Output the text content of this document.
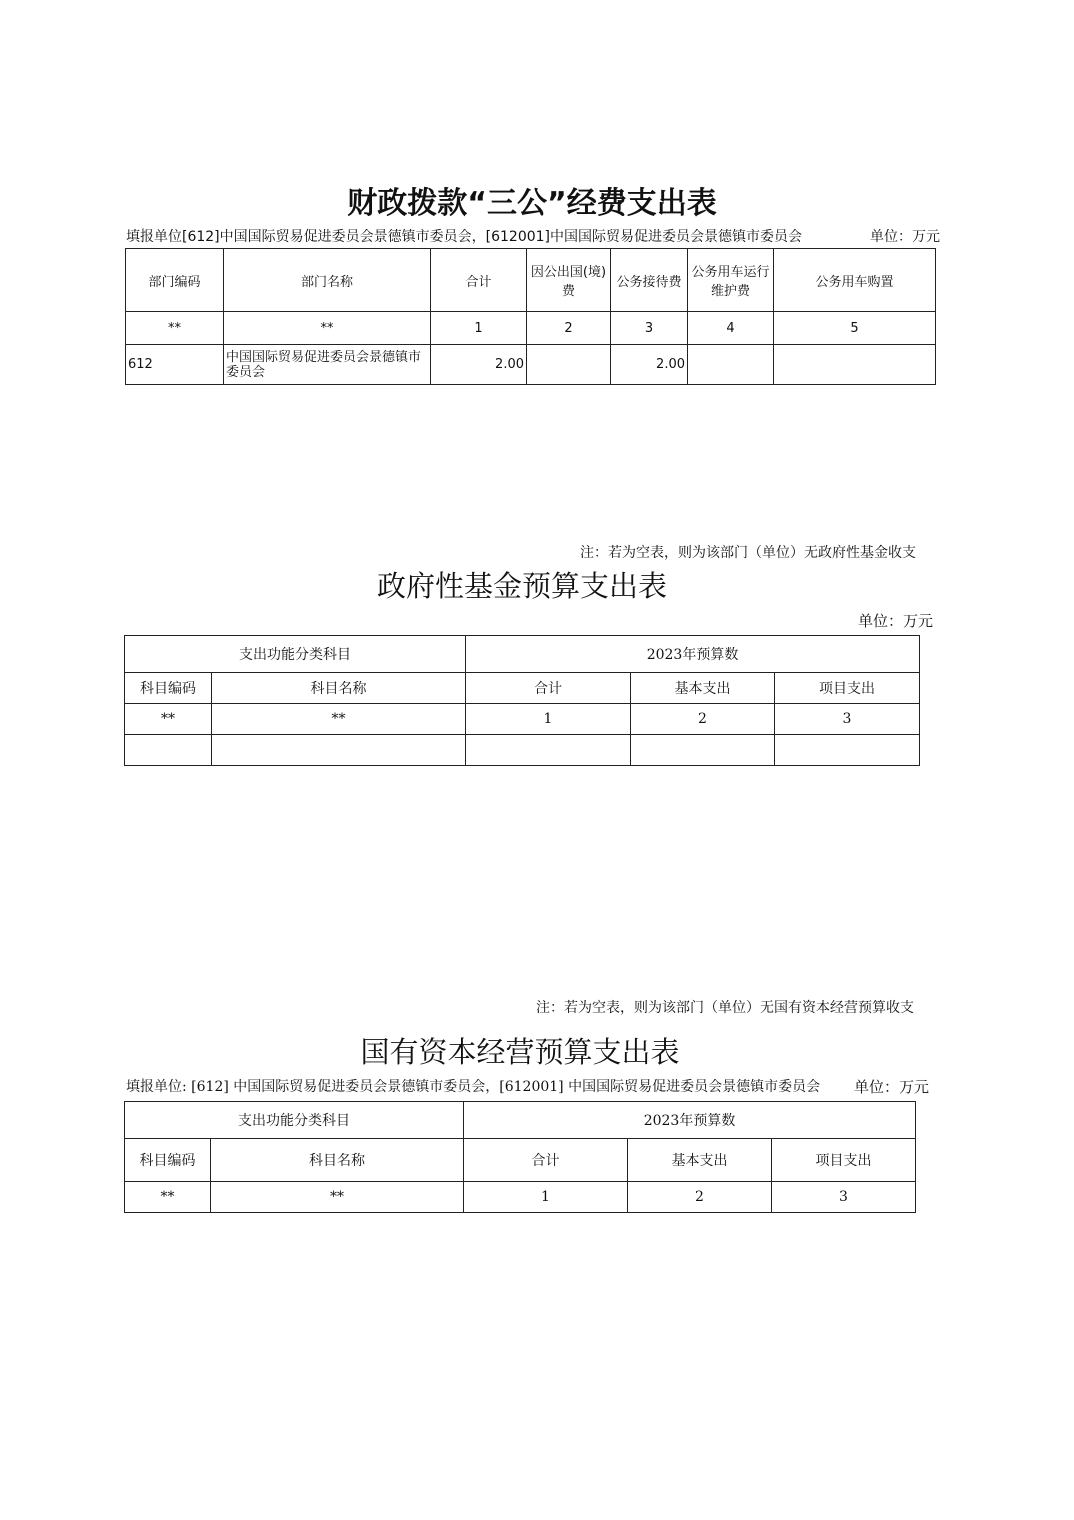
财政拨款“三公”经费支出表
填报单位[612]中国国际贸易促进委员会景德镇市委员会，[612001]中国国际贸易促进委员会景德镇市委员会	单位：万元
部门编码	部门名称	合计	因公出国(境)费	公务接待费	公务用车运行维护费	公务用车购置
**	**	1	2	3	4	5
612	中国国际贸易促进委员会景德镇市委员会	2.00		2.00		
注：若为空表，则为该部门（单位）无政府性基金收支
政府性基金预算支出表
单位：万元
支出功能分类科目		2023年预算数		
科目编码	科目名称	合计	基本支出	项目支出
**	**	1	2	3

注：若为空表，则为该部门（单位）无国有资本经营预算收支
国有资本经营预算支出表
填报单位: [612] 中国国际贸易促进委员会景德镇市委员会，[612001] 中国国际贸易促进委员会景德镇市委员会 单位：万元
支出功能分类科目		2023年预算数		
科目编码	科目名称	合计	基本支出	项目支出
**	**	1	2	3
